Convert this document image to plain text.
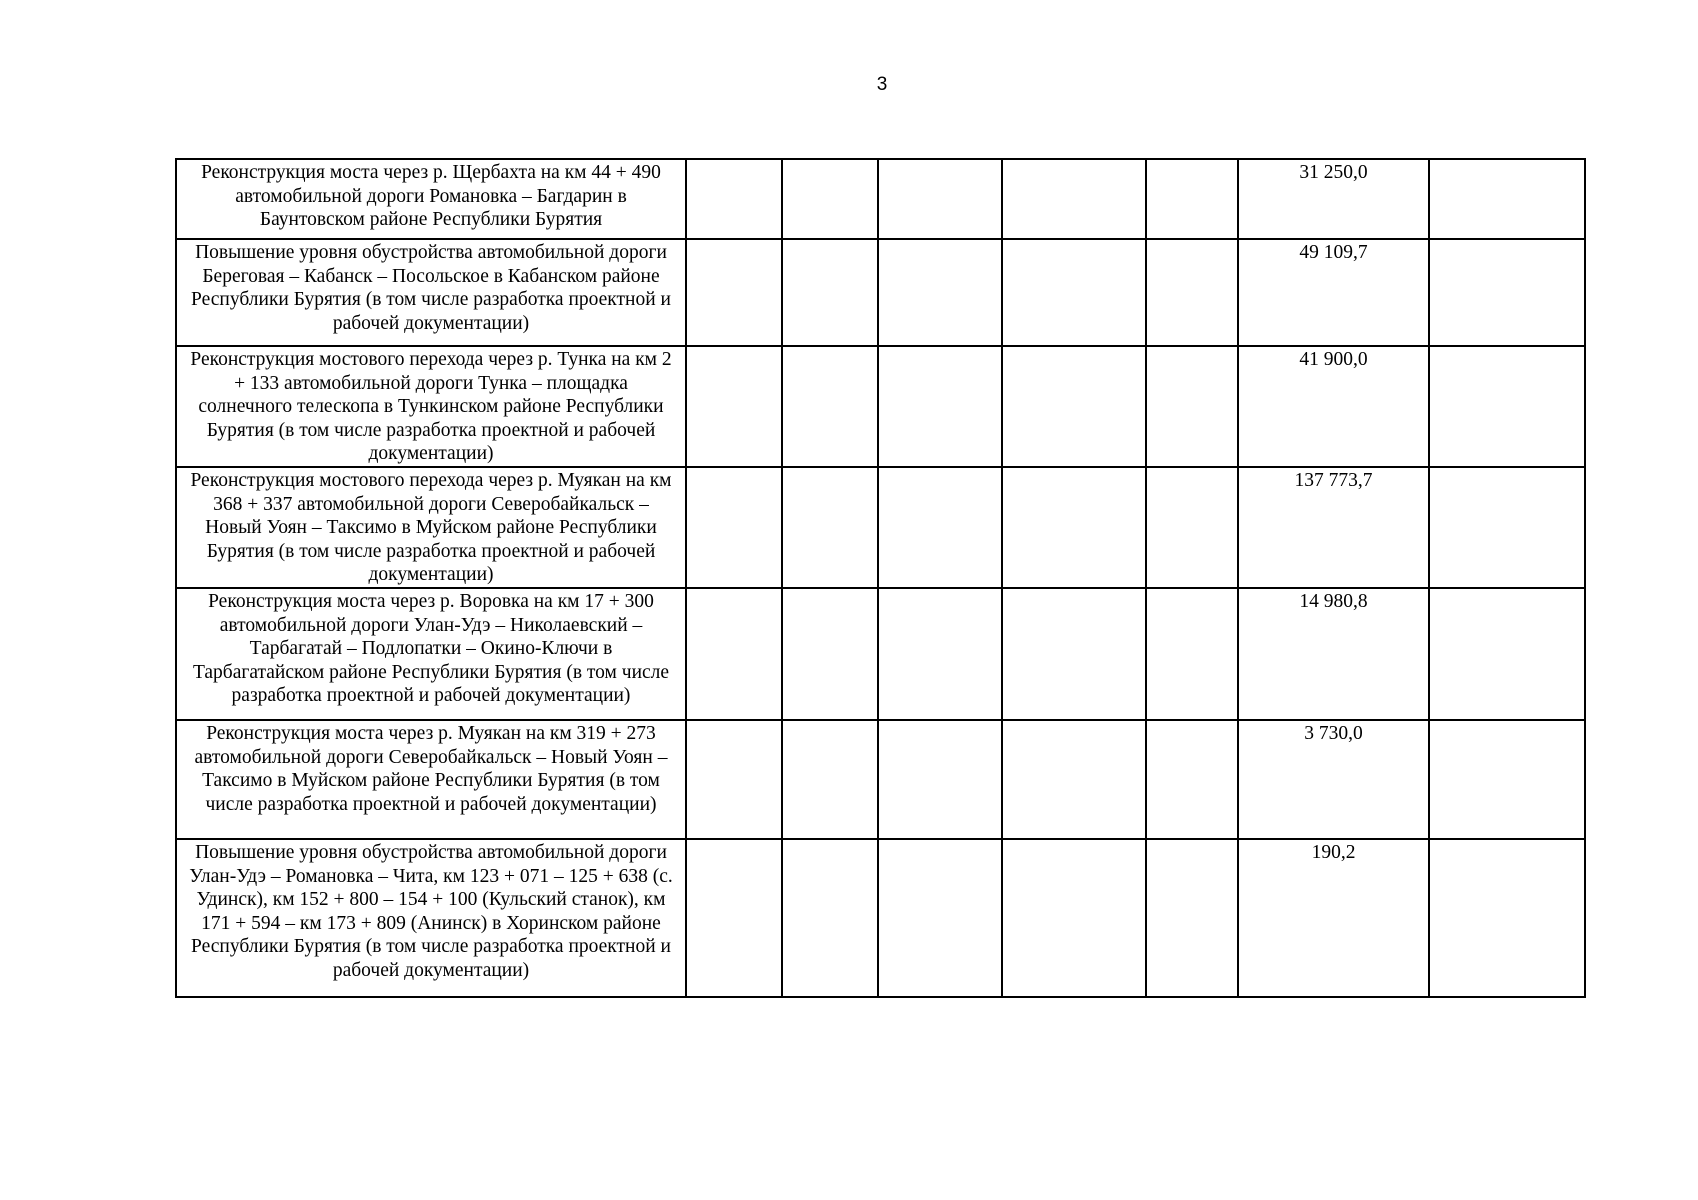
3
Реконструкция моста через р. Щербахта на км 44 + 490 автомобильной дороги Романовка – Багдарин в Баунтовском районе Республики Бурятия						31 250,0	

Повышение уровня обустройства автомобильной дороги Береговая – Кабанск – Посольское в Кабанском районе Республики Бурятия (в том числе разработка проектной и рабочей документации)						49 109,7	

Реконструкция мостового перехода через р. Тунка на км 2 + 133 автомобильной дороги Тунка – площадка солнечного телескопа в Тункинском районе Республики Бурятия (в том числе разработка проектной и рабочей документации)						41 900,0	

Реконструкция мостового перехода через р. Муякан на км 368 + 337 автомобильной дороги Северобайкальск – Новый Уоян – Таксимо в Муйском районе Республики Бурятия (в том числе разработка проектной и рабочей документации)						137 773,7	

Реконструкция моста через р. Воровка на км 17 + 300 автомобильной дороги Улан-Удэ – Николаевский – Тарбагатай – Подлопатки – Окино-Ключи в Тарбагатайском районе Республики Бурятия (в том числе разработка проектной и рабочей документации)						14 980,8	

Реконструкция моста через р. Муякан на км 319 + 273 автомобильной дороги Северобайкальск – Новый Уоян – Таксимо в Муйском районе Республики Бурятия (в том числе разработка проектной и рабочей документации)						3 730,0	

Повышение уровня обустройства автомобильной дороги Улан-Удэ – Романовка – Чита, км 123 + 071 – 125 + 638 (с. Удинск), км 152 + 800 – 154 + 100 (Кульский станок), км 171 + 594 – км 173 + 809 (Анинск) в Хоринском районе Республики Бурятия (в том числе разработка проектной и рабочей документации)						190,2	
